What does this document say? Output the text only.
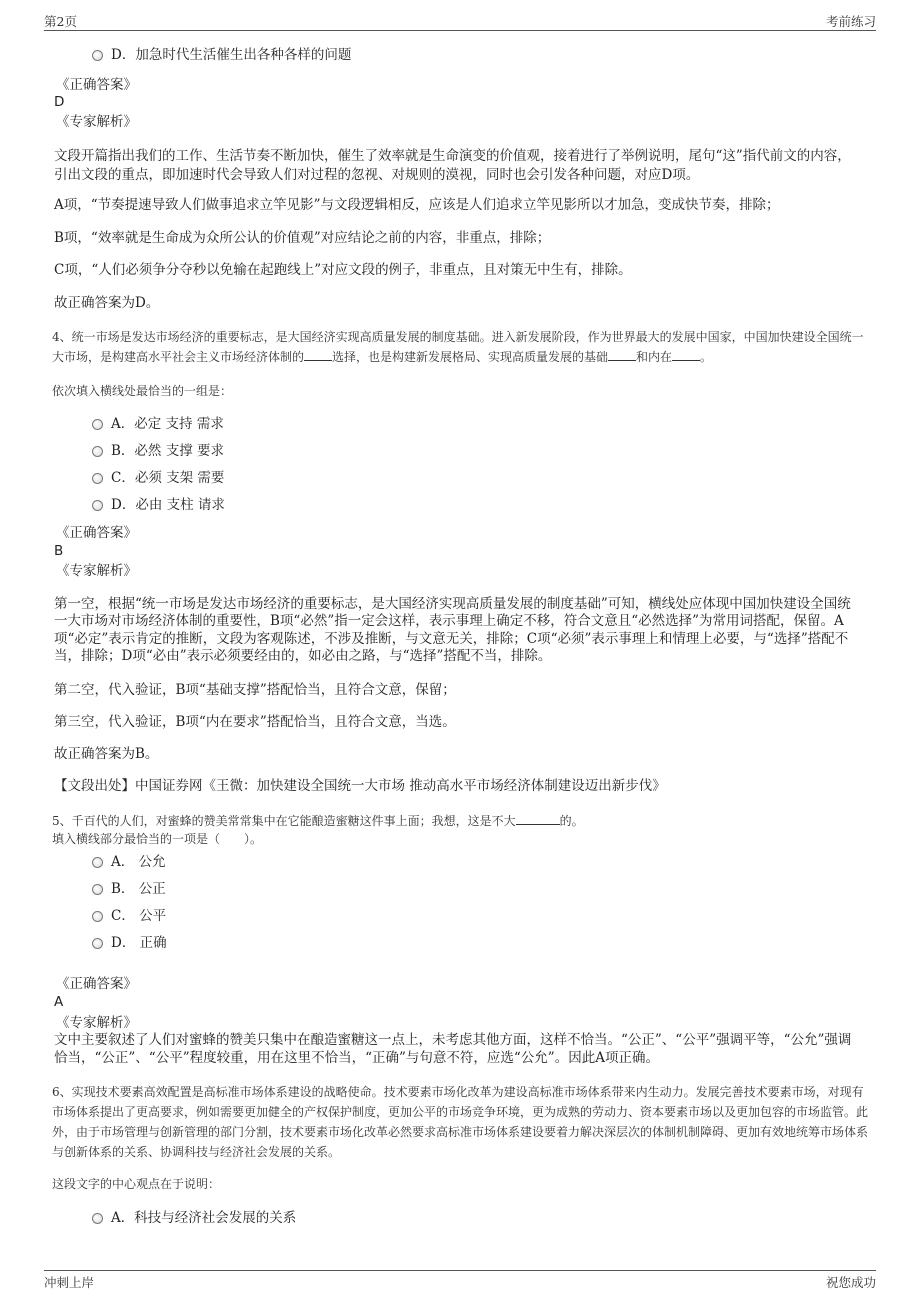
第2页	考前练习
D．加急时代生活催生出各种各样的问题
《正确答案》
D
《专家解析》
文段开篇指出我们的工作、生活节奏不断加快，催生了效率就是生命演变的价值观，接着进行了举例说明，尾句“这”指代前文的内容，引出文段的重点，即加速时代会导致人们对过程的忽视、对规则的漠视，同时也会引发各种问题，对应D项。
A项，“节奏提速导致人们做事追求立竿见影”与文段逻辑相反，应该是人们追求立竿见影所以才加急，变成快节奏，排除；
B项，“效率就是生命成为众所公认的价值观”对应结论之前的内容，非重点，排除；
C项，“人们必须争分夺秒以免输在起跑线上”对应文段的例子，非重点，且对策无中生有，排除。
故正确答案为D。
4、统一市场是发达市场经济的重要标志，是大国经济实现高质量发展的制度基础。进入新发展阶段，作为世界最大的发展中国家，中国加快建设全国统一大市场，是构建高水平社会主义市场经济体制的 选择，也是构建新发展格局、实现高质量发展的基础 和内在 。
依次填入横线处最恰当的一组是：
A．必定 支持 需求
B．必然 支撑 要求
C．必须 支架 需要
D．必由 支柱 请求
《正确答案》
B
《专家解析》
第一空，根据“统一市场是发达市场经济的重要标志，是大国经济实现高质量发展的制度基础”可知，横线处应体现中国加快建设全国统一大市场对市场经济体制的重要性，B项“必然”指一定会这样，表示事理上确定不移，符合文意且“必然选择”为常用词搭配，保留。A项“必定”表示肯定的推断，文段为客观陈述，不涉及推断，与文意无关，排除；C项“必须”表示事理上和情理上必要，与“选择”搭配不当，排除；D项“必由”表示必须要经由的，如必由之路，与“选择”搭配不当，排除。
第二空，代入验证，B项“基础支撑”搭配恰当，且符合文意，保留；
第三空，代入验证，B项“内在要求”搭配恰当，且符合文意，当选。
故正确答案为B。
【文段出处】中国证券网《王微：加快建设全国统一大市场 推动高水平市场经济体制建设迈出新步伐》
5、千百代的人们，对蜜蜂的赞美常常集中在它能酿造蜜糖这件事上面；我想，这是不大	的。
填入横线部分最恰当的一项是（　　）。
A． 公允
B． 公正
C． 公平
D． 正确
《正确答案》
A
《专家解析》
文中主要叙述了人们对蜜蜂的赞美只集中在酿造蜜糖这一点上，未考虑其他方面，这样不恰当。“公正”、“公平”强调平等，“公允”强调恰当，“公正”、“公平”程度较重，用在这里不恰当，“正确”与句意不符，应选“公允”。因此A项正确。
6、实现技术要素高效配置是高标准市场体系建设的战略使命。技术要素市场化改革为建设高标准市场体系带来内生动力。发展完善技术要素市场，对现有市场体系提出了更高要求，例如需要更加健全的产权保护制度，更加公平的市场竞争环境，更为成熟的劳动力、资本要素市场以及更加包容的市场监管。此外，由于市场管理与创新管理的部门分割，技术要素市场化改革必然要求高标准市场体系建设要着力解决深层次的体制机制障碍、更加有效地统筹市场体系与创新体系的关系、协调科技与经济社会发展的关系。
这段文字的中心观点在于说明：
A．科技与经济社会发展的关系
冲刺上岸	祝您成功
